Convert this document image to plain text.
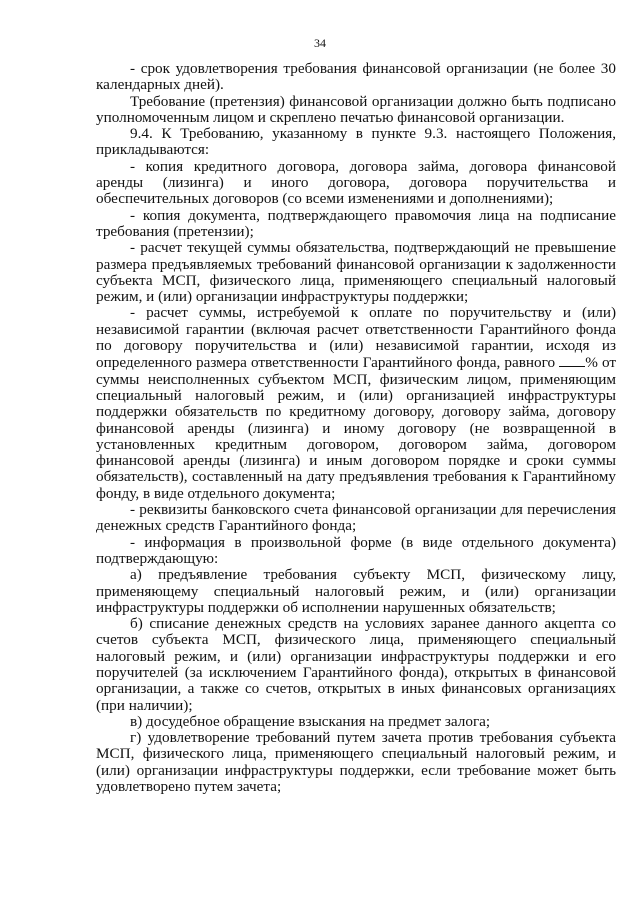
34

- срок удовлетворения требования финансовой организации (не более 30 календарных дней).

Требование (претензия) финансовой организации должно быть подписано уполномоченным лицом и скреплено печатью финансовой организации.

9.4. К Требованию, указанному в пункте 9.3. настоящего Положения, прикладываются:

- копия кредитного договора, договора займа, договора финансовой аренды (лизинга) и иного договора, договора поручительства и обеспечительных договоров (со всеми изменениями и дополнениями);

- копия документа, подтверждающего правомочия лица на подписание требования (претензии);

- расчет текущей суммы обязательства, подтверждающий не превышение размера предъявляемых требований финансовой организации к задолженности субъекта МСП, физического лица, применяющего специальный налоговый режим, и (или) организации инфраструктуры поддержки;

- расчет суммы, истребуемой к оплате по поручительству и (или) независимой гарантии (включая расчет ответственности Гарантийного фонда по договору поручительства и (или) независимой гарантии, исходя из определенного размера ответственности Гарантийного фонда, равного % от суммы неисполненных субъектом МСП, физическим лицом, применяющим специальный налоговый режим, и (или) организацией инфраструктуры поддержки обязательств по кредитному договору, договору займа, договору финансовой аренды (лизинга) и иному договору (не возвращенной в установленных кредитным договором, договором займа, договором финансовой аренды (лизинга) и иным договором порядке и сроки суммы обязательств), составленный на дату предъявления требования к Гарантийному фонду, в виде отдельного документа;

- реквизиты банковского счета финансовой организации для перечисления денежных средств Гарантийного фонда;

- информация в произвольной форме (в виде отдельного документа) подтверждающую:

а) предъявление требования субъекту МСП, физическому лицу, применяющему специальный налоговый режим, и (или) организации инфраструктуры поддержки об исполнении нарушенных обязательств;

б) списание денежных средств на условиях заранее данного акцепта со счетов субъекта МСП, физического лица, применяющего специальный налоговый режим, и (или) организации инфраструктуры поддержки и его поручителей (за исключением Гарантийного фонда), открытых в финансовой организации, а также со счетов, открытых в иных финансовых организациях (при наличии);

в) досудебное обращение взыскания на предмет залога;

г) удовлетворение требований путем зачета против требования субъекта МСП, физического лица, применяющего специальный налоговый режим, и (или) организации инфраструктуры поддержки, если требование может быть удовлетворено путем зачета;
